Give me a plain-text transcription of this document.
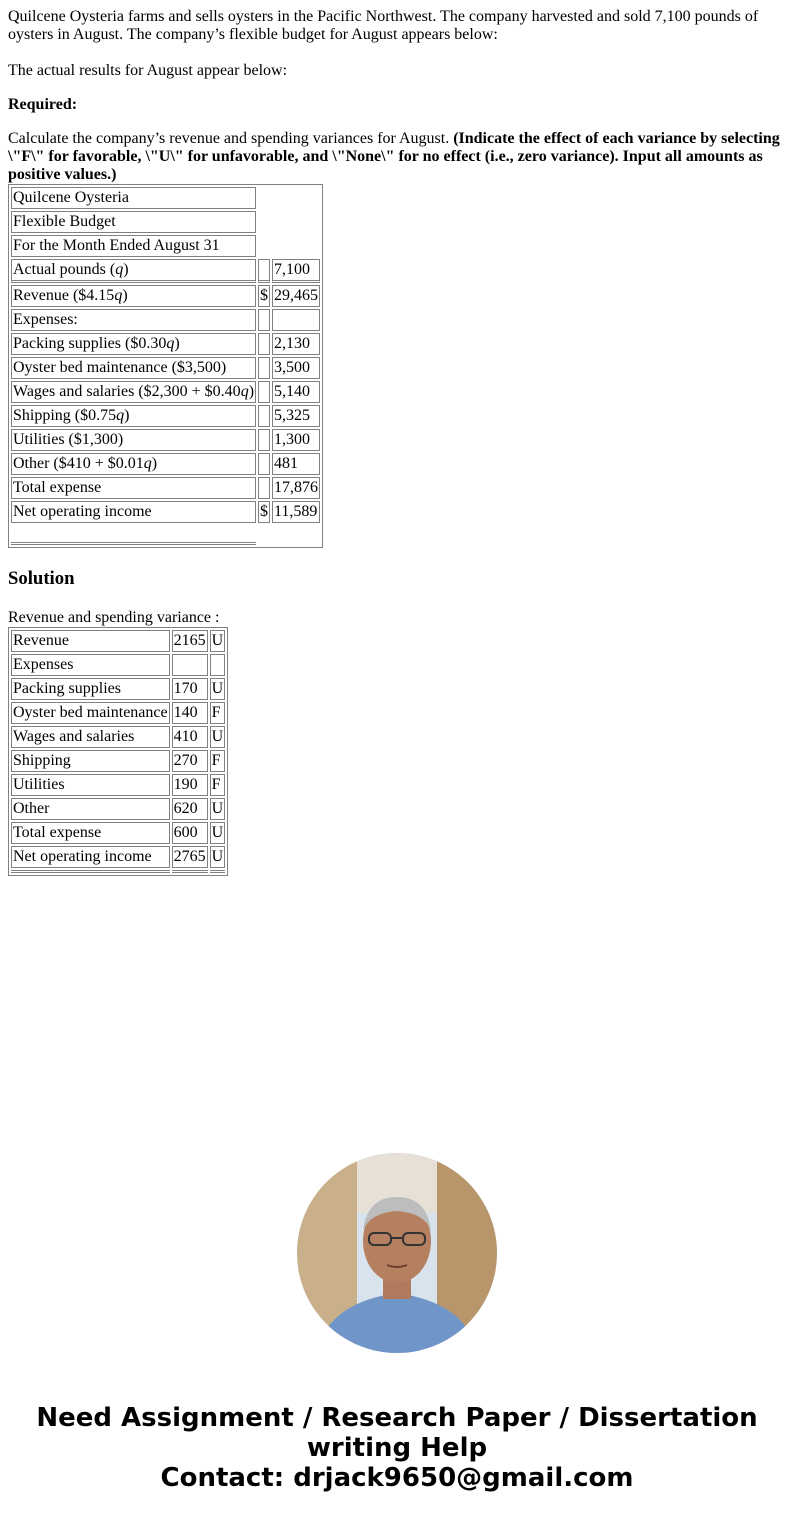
Quilcene Oysteria farms and sells oysters in the Pacific Northwest. The company harvested and sold 7,100 pounds of oysters in August. The company’s flexible budget for August appears below:

The actual results for August appear below:

Required:

Calculate the company’s revenue and spending variances for August. (Indicate the effect of each variance by selecting \"F\" for favorable, \"U\" for unfavorable, and \"None\" for no effect (i.e., zero variance). Input all amounts as positive values.)

Quilcene Oysteria		
Flexible Budget		
For the Month Ended August 31		
Actual pounds (q)		7,100
Revenue ($4.15q)	$	29,465
Expenses:		
Packing supplies ($0.30q)		2,130
Oyster bed maintenance ($3,500)		3,500
Wages and salaries ($2,300 + $0.40q)		5,140
Shipping ($0.75q)		5,325
Utilities ($1,300)		1,300
Other ($410 + $0.01q)		481
Total expense		17,876
Net operating income	$	11,589

Solution

Revenue and spending variance :

Revenue	2165	U
Expenses		
Packing supplies	170	U
Oyster bed maintenance	140	F
Wages and salaries	410	U
Shipping	270	F
Utilities	190	F
Other	620	U
Total expense	600	U
Net operating income	2765	U

Need Assignment / Research Paper / Dissertation
writing Help
Contact: drjack9650@gmail.com
